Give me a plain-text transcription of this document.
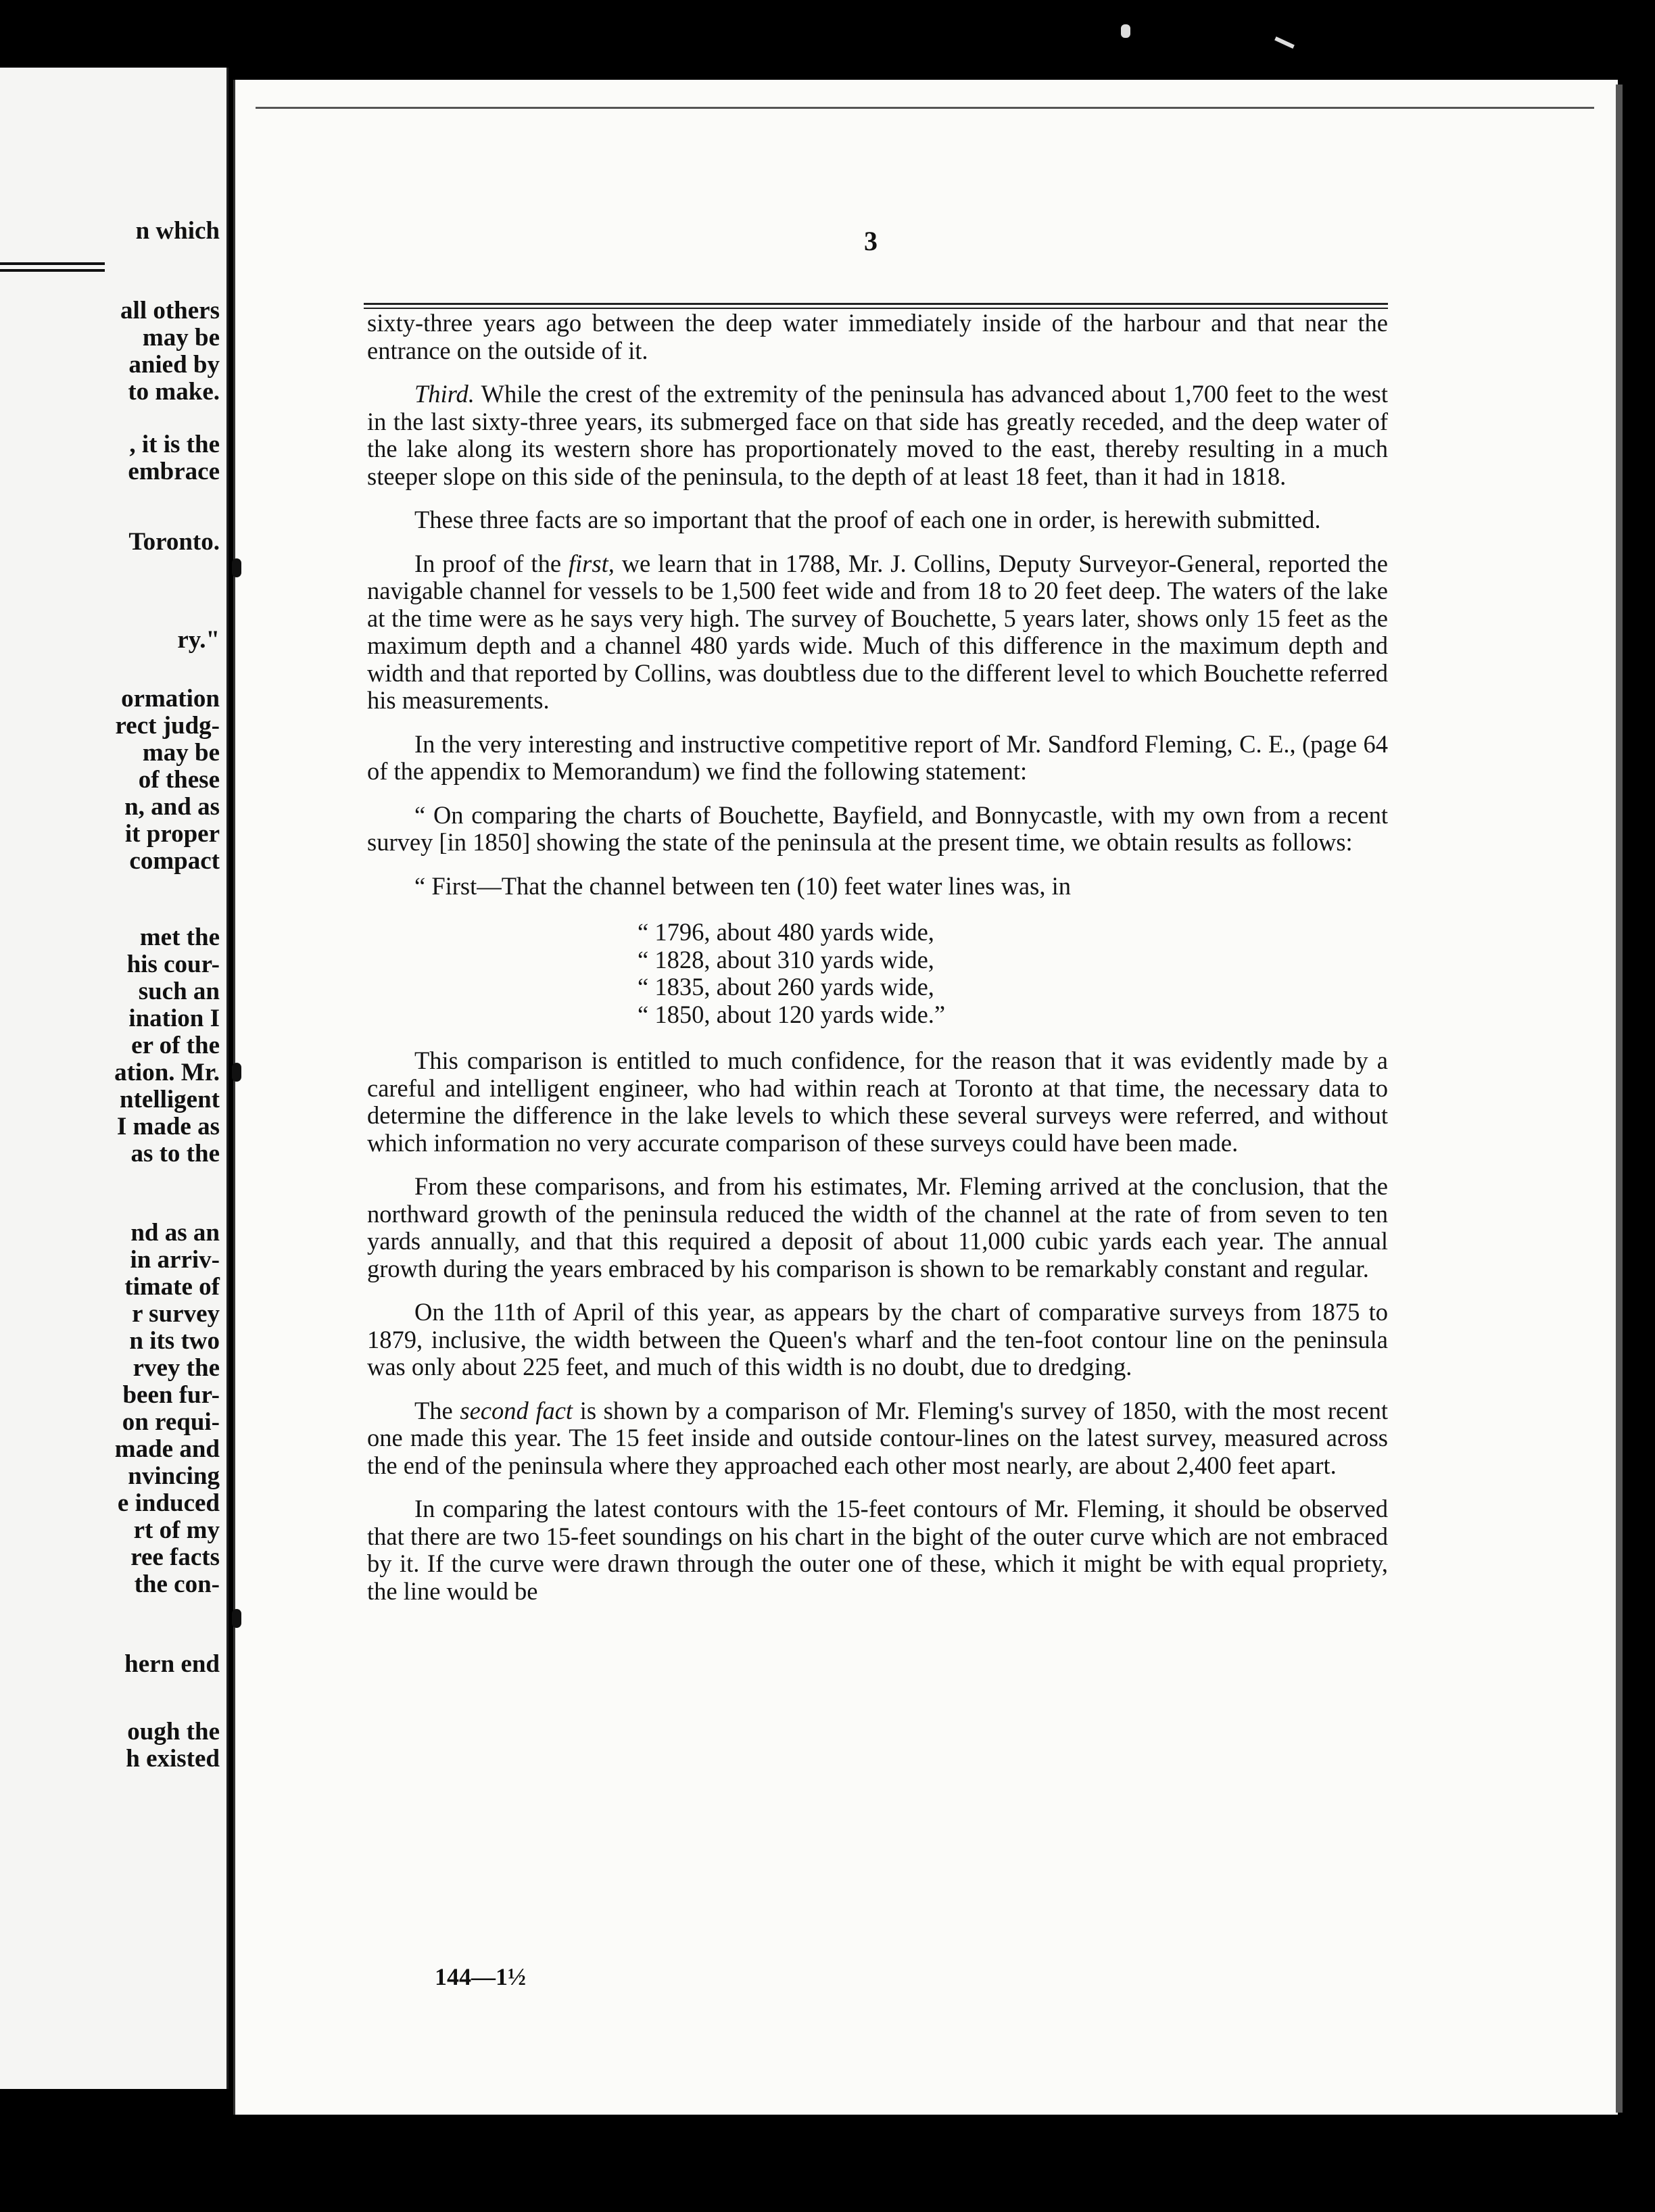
n which
all others
may be
anied by
to make.
, it is the
embrace
Toronto.
ry."
ormation
rect judg-
may be
of these
n, and as
it proper
compact
met the
his cour-
such an
ination I
er of the
ation. Mr.
ntelligent
I made as
as to the
nd as an
in arriv-
timate of
r survey
n its two
rvey the
been fur-
on requi-
made and
nvincing
e induced
rt of my
ree facts
the con-
hern end
ough the
h existed
3

sixty-three years ago between the deep water immediately inside of the harbour and that near the entrance on the outside of it.

Third. While the crest of the extremity of the peninsula has advanced about 1,700 feet to the west in the last sixty-three years, its submerged face on that side has greatly receded, and the deep water of the lake along its western shore has proportionately moved to the east, thereby resulting in a much steeper slope on this side of the peninsula, to the depth of at least 18 feet, than it had in 1818.

These three facts are so important that the proof of each one in order, is herewith submitted.

In proof of the first, we learn that in 1788, Mr. J. Collins, Deputy Surveyor-General, reported the navigable channel for vessels to be 1,500 feet wide and from 18 to 20 feet deep. The waters of the lake at the time were as he says very high. The survey of Bouchette, 5 years later, shows only 15 feet as the maximum depth and a channel 480 yards wide. Much of this difference in the maximum depth and width and that reported by Collins, was doubtless due to the different level to which Bouchette referred his measurements.

In the very interesting and instructive competitive report of Mr. Sandford Fleming, C. E., (page 64 of the appendix to Memorandum) we find the following statement:

“ On comparing the charts of Bouchette, Bayfield, and Bonnycastle, with my own from a recent survey [in 1850] showing the state of the peninsula at the present time, we obtain results as follows:

“ First—That the channel between ten (10) feet water lines was, in

“ 1796, about 480 yards wide,
“ 1828, about 310 yards wide,
“ 1835, about 260 yards wide,
“ 1850, about 120 yards wide.”

This comparison is entitled to much confidence, for the reason that it was evidently made by a careful and intelligent engineer, who had within reach at Toronto at that time, the necessary data to determine the difference in the lake levels to which these several surveys were referred, and without which information no very accurate comparison of these surveys could have been made.

From these comparisons, and from his estimates, Mr. Fleming arrived at the conclusion, that the northward growth of the peninsula reduced the width of the channel at the rate of from seven to ten yards annually, and that this required a deposit of about 11,000 cubic yards each year. The annual growth during the years embraced by his comparison is shown to be remarkably constant and regular.

On the 11th of April of this year, as appears by the chart of comparative surveys from 1875 to 1879, inclusive, the width between the Queen's wharf and the ten-foot contour line on the peninsula was only about 225 feet, and much of this width is no doubt, due to dredging.

The second fact is shown by a comparison of Mr. Fleming's survey of 1850, with the most recent one made this year. The 15 feet inside and outside contour-lines on the latest survey, measured across the end of the peninsula where they approached each other most nearly, are about 2,400 feet apart.

In comparing the latest contours with the 15-feet contours of Mr. Fleming, it should be observed that there are two 15-feet soundings on his chart in the bight of the outer curve which are not embraced by it. If the curve were drawn through the outer one of these, which it might be with equal propriety, the line would be

144—1½
